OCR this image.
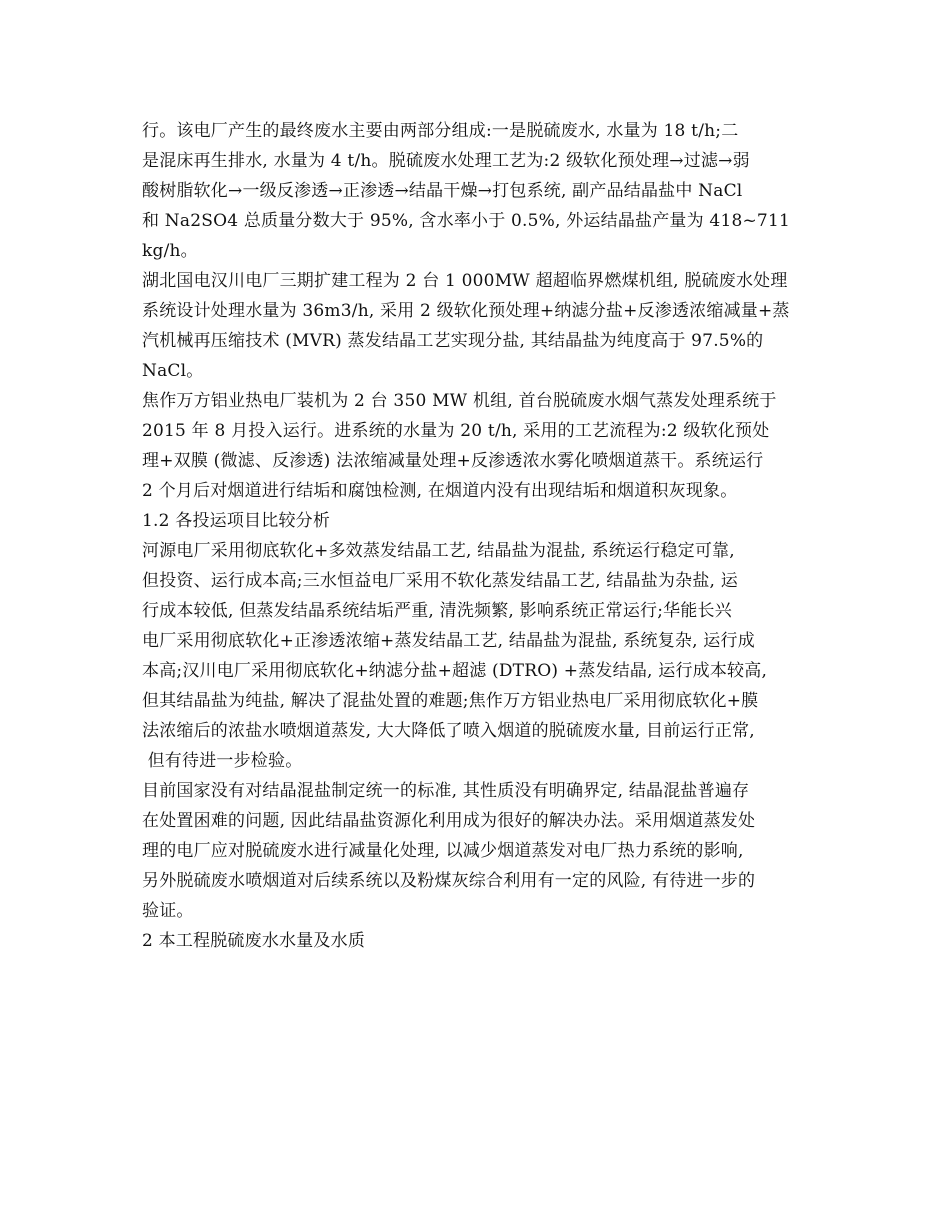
行。该电厂产生的最终废水主要由两部分组成:一是脱硫废水, 水量为 18 t/h;二
是混床再生排水, 水量为 4 t/h。脱硫废水处理工艺为:2 级软化预处理→过滤→弱
酸树脂软化→一级反渗透→正渗透→结晶干燥→打包系统, 副产品结晶盐中 NaCl
和 Na2SO4 总质量分数大于 95%, 含水率小于 0.5%, 外运结晶盐产量为 418~711
kg/h。
湖北国电汉川电厂三期扩建工程为 2 台 1 000MW 超超临界燃煤机组, 脱硫废水处理
系统设计处理水量为 36m3/h, 采用 2 级软化预处理+纳滤分盐+反渗透浓缩减量+蒸
汽机械再压缩技术 (MVR) 蒸发结晶工艺实现分盐, 其结晶盐为纯度高于 97.5%的
NaCl。
焦作万方铝业热电厂装机为 2 台 350 MW 机组, 首台脱硫废水烟气蒸发处理系统于
2015 年 8 月投入运行。进系统的水量为 20 t/h, 采用的工艺流程为:2 级软化预处
理+双膜 (微滤、反渗透) 法浓缩减量处理+反渗透浓水雾化喷烟道蒸干。系统运行
2 个月后对烟道进行结垢和腐蚀检测, 在烟道内没有出现结垢和烟道积灰现象。
1.2 各投运项目比较分析
河源电厂采用彻底软化+多效蒸发结晶工艺, 结晶盐为混盐, 系统运行稳定可靠,
但投资、运行成本高;三水恒益电厂采用不软化蒸发结晶工艺, 结晶盐为杂盐, 运
行成本较低, 但蒸发结晶系统结垢严重, 清洗频繁, 影响系统正常运行;华能长兴
电厂采用彻底软化+正渗透浓缩+蒸发结晶工艺, 结晶盐为混盐, 系统复杂, 运行成
本高;汉川电厂采用彻底软化+纳滤分盐+超滤 (DTRO) +蒸发结晶, 运行成本较高,
但其结晶盐为纯盐, 解决了混盐处置的难题;焦作万方铝业热电厂采用彻底软化+膜
法浓缩后的浓盐水喷烟道蒸发, 大大降低了喷入烟道的脱硫废水量, 目前运行正常,
但有待进一步检验。
目前国家没有对结晶混盐制定统一的标准, 其性质没有明确界定, 结晶混盐普遍存
在处置困难的问题, 因此结晶盐资源化利用成为很好的解决办法。采用烟道蒸发处
理的电厂应对脱硫废水进行减量化处理, 以减少烟道蒸发对电厂热力系统的影响,
另外脱硫废水喷烟道对后续系统以及粉煤灰综合利用有一定的风险, 有待进一步的
验证。
2 本工程脱硫废水水量及水质
